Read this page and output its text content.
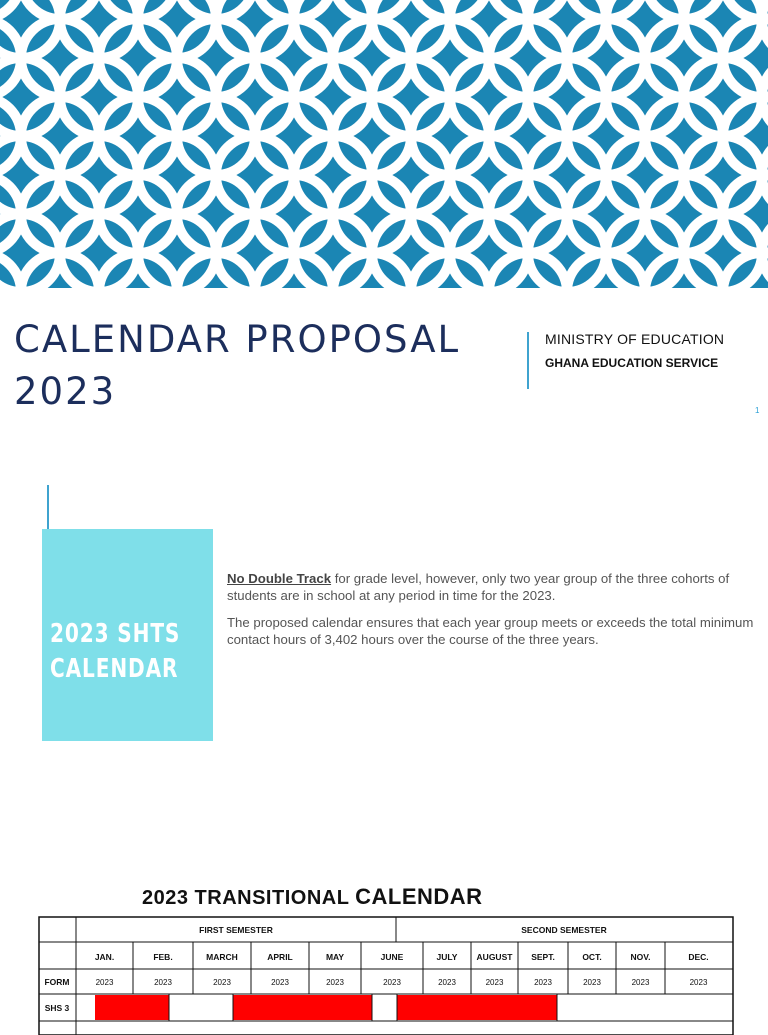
CALENDAR PROPOSAL
2023
MINISTRY OF EDUCATION
GHANA EDUCATION SERVICE
1
2023 SHTS
CALENDAR

No Double Track for grade level, however, only two year group of the three cohorts of students are in school at any period in time for the 2023.

The proposed calendar ensures that each year group meets or exceeds the total minimum contact hours of 3,402 hours over the course of the three years.

2023 TRANSITIONAL CALENDAR
FIRST SEMESTER	SECOND SEMESTER
JAN.
2023
FEB.
2023
MARCH
2023
APRIL
2023
MAY
2023
JUNE
2023
JULY
2023
AUGUST
2023
SEPT.
2023
OCT.
2023
NOV.
2023
DEC.
2023
FORM
SHS 3
